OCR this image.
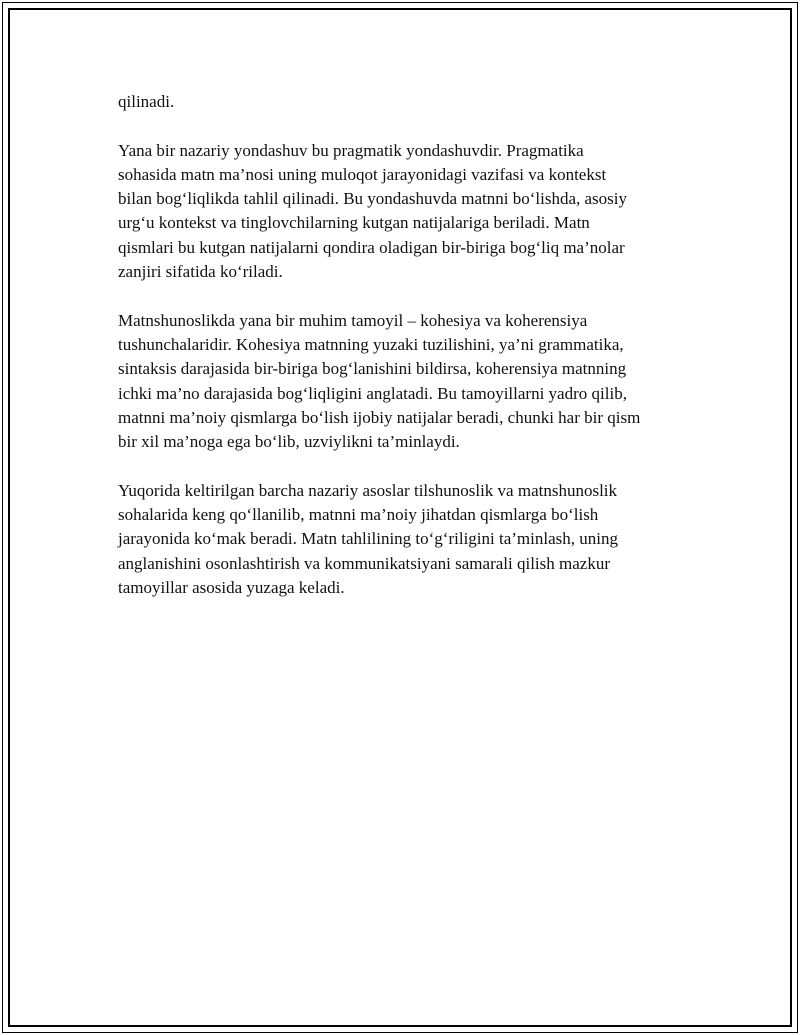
qilinadi.

Yana bir nazariy yondashuv bu pragmatik yondashuvdir. Pragmatika
sohasida matn ma’nosi uning muloqot jarayonidagi vazifasi va kontekst
bilan bog‘liqlikda tahlil qilinadi. Bu yondashuvda matnni bo‘lishda, asosiy
urg‘u kontekst va tinglovchilarning kutgan natijalariga beriladi. Matn
qismlari bu kutgan natijalarni qondira oladigan bir-biriga bog‘liq ma’nolar
zanjiri sifatida ko‘riladi.

Matnshunoslikda yana bir muhim tamoyil – kohesiya va koherensiya
tushunchalaridir. Kohesiya matnning yuzaki tuzilishini, ya’ni grammatika,
sintaksis darajasida bir-biriga bog‘lanishini bildirsa, koherensiya matnning
ichki ma’no darajasida bog‘liqligini anglatadi. Bu tamoyillarni yadro qilib,
matnni ma’noiy qismlarga bo‘lish ijobiy natijalar beradi, chunki har bir qism
bir xil ma’noga ega bo‘lib, uzviylikni ta’minlaydi.

Yuqorida keltirilgan barcha nazariy asoslar tilshunoslik va matnshunoslik
sohalarida keng qo‘llanilib, matnni ma’noiy jihatdan qismlarga bo‘lish
jarayonida ko‘mak beradi. Matn tahlilining to‘g‘riligini ta’minlash, uning
anglanishini osonlashtirish va kommunikatsiyani samarali qilish mazkur
tamoyillar asosida yuzaga keladi.
